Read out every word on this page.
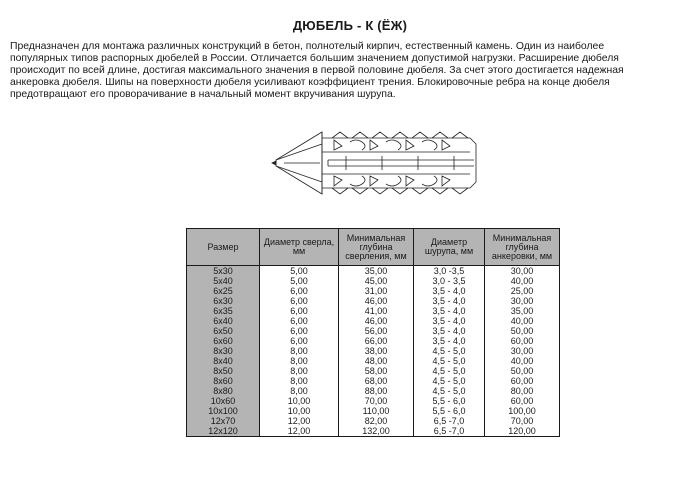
ДЮБЕЛЬ - К (ЁЖ)

Предназначен для монтажа различных конструкций в бетон, полнотелый кирпич, естественный камень. Один из наиболее
популярных типов распорных дюбелей в России. Отличается большим значением допустимой нагрузки. Расширение дюбеля
происходит по всей длине, достигая максимального значения в первой половине дюбеля. За счет этого достигается надежная
анкеровка дюбеля. Шипы на поверхности дюбеля усиливают коэффициент трения. Блокировочные ребра на конце дюбеля
предотвращают его проворачивание в начальный момент вкручивания шурупа.

Размер	Диаметр сверла, мм	Минимальная глубина сверления, мм	Диаметр шурупа, мм	Минимальная глубина анкеровки, мм
5x30	5,00	35,00	3,0 -3,5	30,00
5x40	5,00	45,00	3,0 - 3,5	40,00
6x25	6,00	31,00	3,5 - 4,0	25,00
6x30	6,00	46,00	3,5 - 4,0	30,00
6x35	6,00	41,00	3,5 - 4,0	35,00
6x40	6,00	46,00	3,5 - 4,0	40,00
6x50	6,00	56,00	3,5 - 4,0	50,00
6x60	6,00	66,00	3,5 - 4,0	60,00
8x30	8,00	38,00	4,5 - 5,0	30,00
8x40	8,00	48,00	4,5 - 5,0	40,00
8x50	8,00	58,00	4,5 - 5,0	50,00
8x60	8,00	68,00	4,5 - 5,0	60,00
8x80	8,00	88,00	4,5 - 5,0	80,00
10x60	10,00	70,00	5,5 - 6,0	60,00
10x100	10,00	110,00	5,5 - 6,0	100,00
12x70	12,00	82,00	6,5 -7,0	70,00
12x120	12,00	132,00	6,5 -7,0	120,00
